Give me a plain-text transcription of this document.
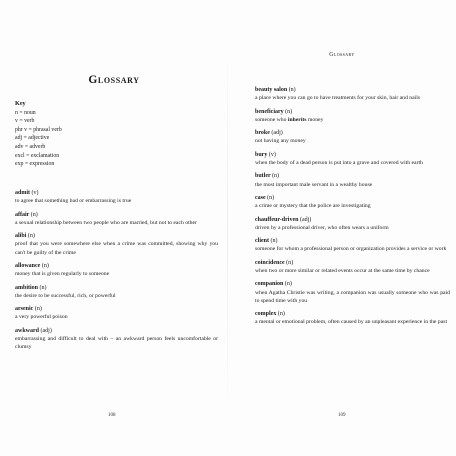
Glossary
Key
n = noun
v = verb
phr v = phrasal verb
adj = adjective
adv = adverb
excl = exclamation
exp = expression
admit (v)
to agree that something bad or embarrassing is true
affair (n)
a sexual relationship between two people who are married, but not to each other
alibi (n)
proof that you were somewhere else when a crime was committed, showing why you can't be guilty of the crime
allowance (n)
money that is given regularly to someone
ambition (n)
the desire to be successful, rich, or powerful
arsenic (n)
a very powerful poison
awkward (adj)
embarrassing and difficult to deal with – an awkward person feels uncomfortable or clumsy
108
Glossary
beauty salon (n)
a place where you can go to have treatments for your skin, hair and nails
beneficiary (n)
someone who inherits money
broke (adj)
not having any money
bury (v)
when the body of a dead person is put into a grave and covered with earth
butler (n)
the most important male servant in a wealthy house
case (n)
a crime or mystery that the police are investigating
chauffeur-driven (adj)
driven by a professional driver, who often wears a uniform
client (n)
someone for whom a professional person or organization provides a service or work
coincidence (n)
when two or more similar or related events occur at the same time by chance
companion (n)
when Agatha Christie was writing, a companion was usually someone who was paid to spend time with you
complex (n)
a mental or emotional problem, often caused by an unpleasant experience in the past
109
